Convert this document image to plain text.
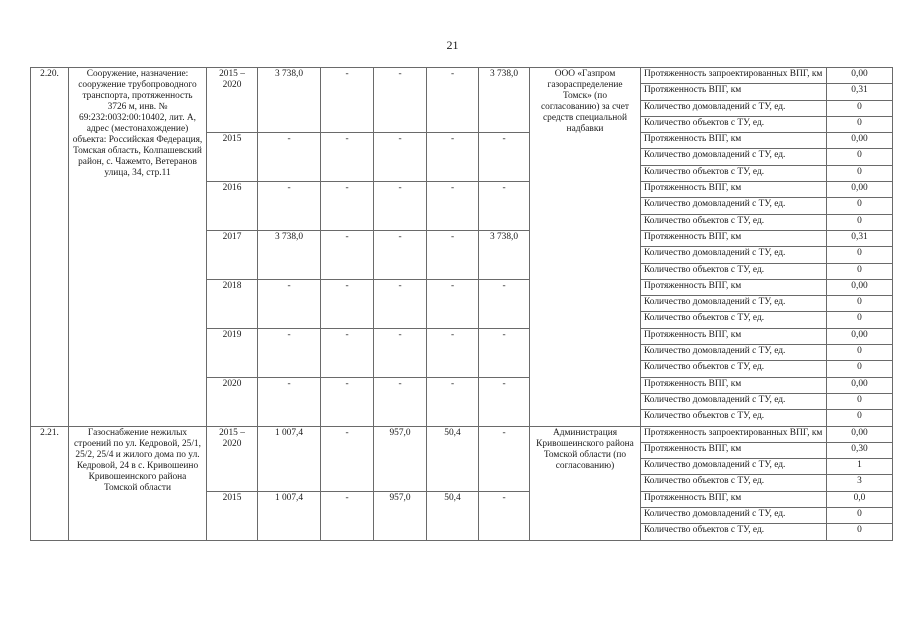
21
2.20.	Сооружение, назначение: сооружение трубопроводного транспорта, протяженность 3726 м, инв. № 69:232:0032:00:10402, лит. А, адрес (местонахождение) объекта: Российская Федерация, Томская область, Колпашевский район, с. Чажемто, Ветеранов улица, 34, стр.11	2015 – 2020	3 738,0	-	-	-	3 738,0	ООО «Газпром газораспределение Томск» (по согласованию) за счет средств специальной надбавки	Протяженность запроектированных ВПГ, км	0,00
									Протяженность ВПГ, км	0,31
									Количество домовладений с ТУ, ед.	0
									Количество объектов с ТУ, ед.	0
		2015	-	-	-	-	-		Протяженность ВПГ, км	0,00
									Количество домовладений с ТУ, ед.	0
									Количество объектов с ТУ, ед.	0
		2016	-	-	-	-	-		Протяженность ВПГ, км	0,00
									Количество домовладений с ТУ, ед.	0
									Количество объектов с ТУ, ед.	0
		2017	3 738,0	-	-	-	3 738,0		Протяженность ВПГ, км	0,31
									Количество домовладений с ТУ, ед.	0
									Количество объектов с ТУ, ед.	0
		2018	-	-	-	-	-		Протяженность ВПГ, км	0,00
									Количество домовладений с ТУ, ед.	0
									Количество объектов с ТУ, ед.	0
		2019	-	-	-	-	-		Протяженность ВПГ, км	0,00
									Количество домовладений с ТУ, ед.	0
									Количество объектов с ТУ, ед.	0
		2020	-	-	-	-	-		Протяженность ВПГ, км	0,00
									Количество домовладений с ТУ, ед.	0
									Количество объектов с ТУ, ед.	0
2.21.	Газоснабжение нежилых строений по ул. Кедровой, 25/1, 25/2, 25/4 и жилого дома по ул. Кедровой, 24 в с. Кривошеино Кривошеинского района Томской области	2015 – 2020	1 007,4	-	957,0	50,4	-	Администрация Кривошеинского района Томской области (по согласованию)	Протяженность запроектированных ВПГ, км	0,00
									Протяженность ВПГ, км	0,30
									Количество домовладений с ТУ, ед.	1
									Количество объектов с ТУ, ед.	3
		2015	1 007,4	-	957,0	50,4	-		Протяженность ВПГ, км	0,0
									Количество домовладений с ТУ, ед.	0
									Количество объектов с ТУ, ед.	0
